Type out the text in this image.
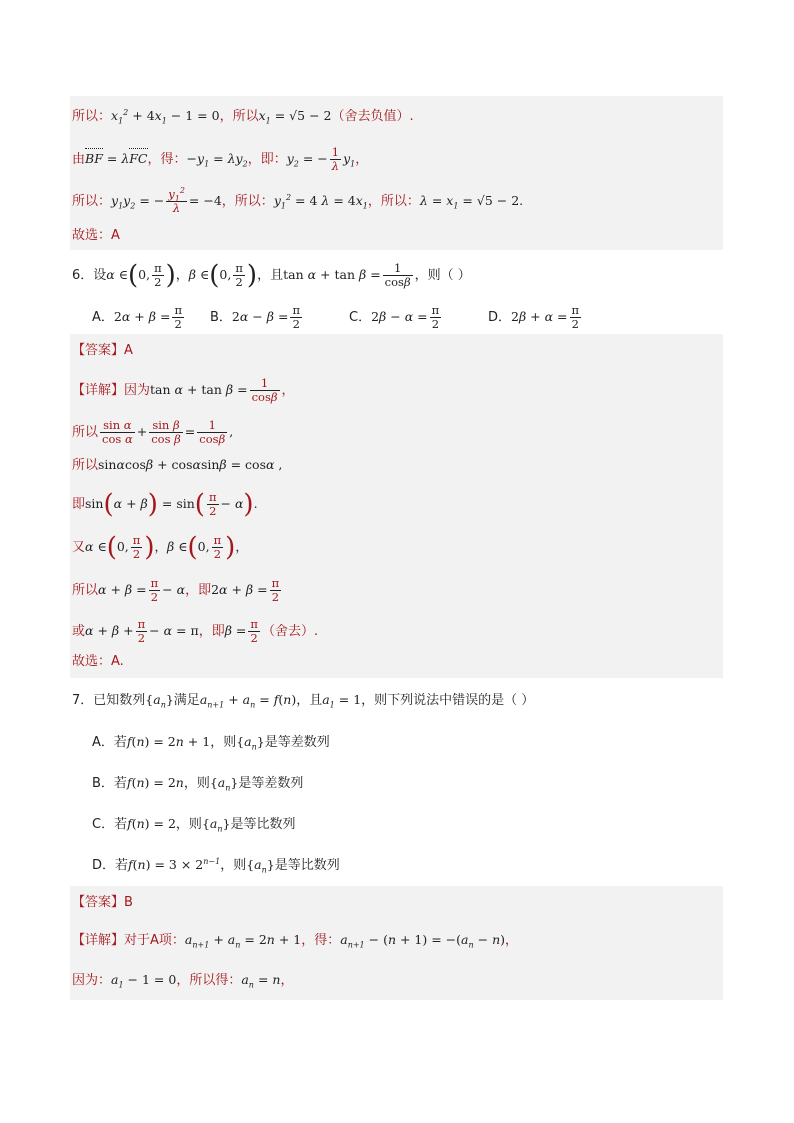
所以：$x_1^2 + 4x_1 - 1 = 0$，所以$x_1 = √5 - 2$（舍去负值）.
由BF = λFC，得：$-y_1 = \lambda y_2$，即：$y_2$ = − $\frac{1}{\lambda} y_1$，
所以：$y_1y_2$ = − $\frac{y_1^2}{\lambda} = -4$，所以：$y_1^2 = 4$ $\lambda = 4x_1$，所以：$\lambda = x_1 = √5 - 2$.
故选：A
6．设α ∈(0, $\frac{\pi}{2}$ )，β ∈(0, $\frac{\pi}{2}$ )，且$\tan \alpha + \tan \beta = \frac{1}{\cos\beta}$ ，则（ ）
A．$2\alpha + \beta = \frac{\pi}{2}$ B．$2\alpha - \beta = \frac{\pi}{2}$	C．$2\beta - \alpha = \frac{\pi}{2}$	D．$2\beta + \alpha = \frac{\pi}{2}$
【答案】A
【详解】因为$\tan \alpha + \tan \beta = \frac{1}{\cos\beta}$ ，
所以 $\frac{\text{sin α}}{\text{cos α}} + \frac{\text{sin β}}{\text{cos β}} = \frac{1}{\cos\beta}$ ,
所以sinαcosβ + cosαsinβ = cosα ,
即$\sin(\alpha + \beta) = \sin( \frac{\pi}{2} - \alpha)$.
又α ∈(0, $\frac{\pi}{2}$ )，β ∈(0, $\frac{\pi}{2}$ )，
所以$\alpha + \beta = \frac{\pi}{2} - \alpha$，即$2\alpha + \beta = \frac{\pi}{2}$
或$\alpha + \beta + \frac{\pi}{2} - \alpha = \pi$，即$\beta = \frac{\pi}{2}$ （舍去）.
故选：A.
7．已知数列$\{a_n\}$满足$a_{n+1} + a_n = f(n)$，且$a_1 = 1$，则下列说法中错误的是（ ）
A．若f(n) = 2n + 1，则$\{a_n\}$是等差数列
B．若f(n) = 2n，则$\{a_n\}$是等差数列
C．若f(n) = 2，则$\{a_n\}$是等比数列
D．若$f(n) = 3 \times 2^{n-1}$，则$\{a_n\}$是等比数列
【答案】B
【详解】对于A项：$a_{n+1} + a_n = 2n + 1$，得：$a_{n+1} - (n + 1) = -(a_n - n)$，
因为：$a_1 - 1 = 0$，所以得：$a_n = n$，
